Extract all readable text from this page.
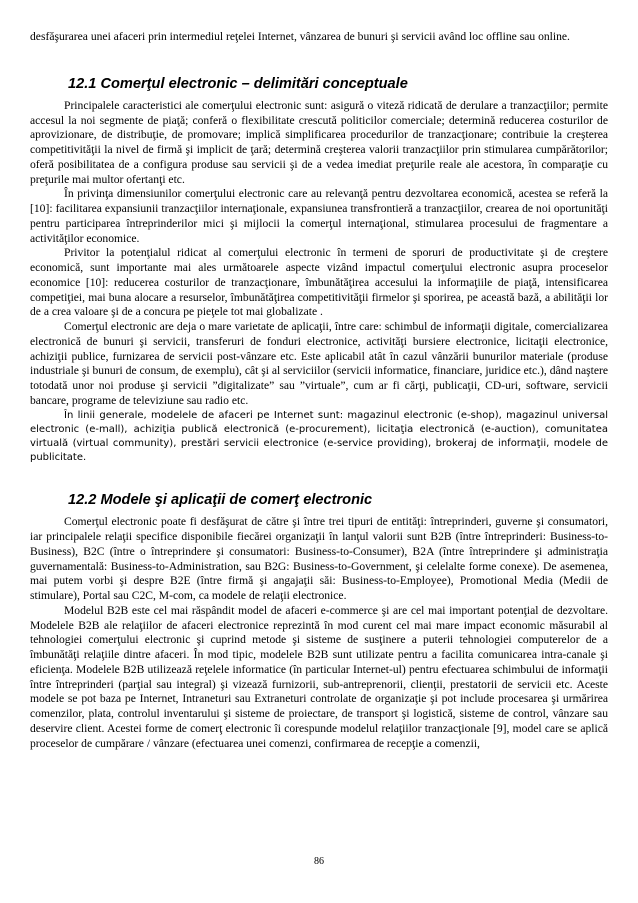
desfăşurarea unei afaceri prin intermediul reţelei Internet, vânzarea de bunuri şi servicii având loc offline sau online.

12.1 Comerţul electronic – delimitări conceptuale

Principalele caracteristici ale comerţului electronic sunt: asigură o viteză ridicată de derulare a tranzacţiilor; permite accesul la noi segmente de piaţă; conferă o flexibilitate crescută politicilor comerciale; determină reducerea costurilor de aprovizionare, de distribuţie, de promovare; implică simplificarea procedurilor de tranzacţionare; contribuie la creşterea competitivităţii la nivel de firmă şi implicit de ţară; determină creşterea valorii tranzacţiilor prin stimularea cumpărătorilor; oferă posibilitatea de a configura produse sau servicii şi de a vedea imediat preţurile reale ale acestora, în comparaţie cu preţurile mai multor ofertanţi etc.

În privinţa dimensiunilor comerţului electronic care au relevanţă pentru dezvoltarea economică, acestea se referă la [10]: facilitarea expansiunii tranzacţiilor internaţionale, expansiunea transfrontieră a tranzacţiilor, crearea de noi oportunităţi pentru participarea întreprinderilor mici şi mijlocii la comerţul internaţional, stimularea procesului de fragmentare a activităţilor economice.

Privitor la potenţialul ridicat al comerţului electronic în termeni de sporuri de productivitate şi de creştere economică, sunt importante mai ales următoarele aspecte vizând impactul comerţului electronic asupra proceselor economice [10]: reducerea costurilor de tranzacţionare, îmbunătăţirea accesului la informaţiile de piaţă, intensificarea competiţiei, mai buna alocare a resurselor, îmbunătăţirea competitivităţii firmelor şi sporirea, pe această bază, a abilităţii lor de a crea valoare şi de a concura pe pieţele tot mai globalizate .

Comerţul electronic are deja o mare varietate de aplicaţii, între care: schimbul de informaţii digitale, comercializarea electronică de bunuri şi servicii, transferuri de fonduri electronice, activităţi bursiere electronice, licitaţii electronice, achiziţii publice, furnizarea de servicii post-vânzare etc. Este aplicabil atât în cazul vânzării bunurilor materiale (produse industriale şi bunuri de consum, de exemplu), cât şi al serviciilor (servicii informatice, financiare, juridice etc.), dând naştere totodată unor noi produse şi servicii ”digitalizate” sau ”virtuale”, cum ar fi cărţi, publicaţii, CD-uri, software, servicii bancare, programe de televiziune sau radio etc.

În linii generale, modelele de afaceri pe Internet sunt: magazinul electronic (e-shop), magazinul universal electronic (e-mall), achiziţia publică electronică (e-procurement), licitaţia electronică (e-auction), comunitatea virtuală (virtual community), prestări servicii electronice (e-service providing), brokeraj de informaţii, modele de publicitate.

12.2 Modele şi aplicaţii de comerţ electronic

Comerţul electronic poate fi desfăşurat de către şi între trei tipuri de entităţi: întreprinderi, guverne şi consumatori, iar principalele relaţii specifice disponibile fiecărei organizaţii în lanţul valorii sunt B2B (între întreprinderi: Business-to-Business), B2C (între o întreprindere şi consumatori: Business-to-Consumer), B2A (între întreprindere şi administraţia guvernamentală: Business-to-Administration, sau B2G: Business-to-Government, şi celelalte forme conexe). De asemenea, mai putem vorbi şi despre B2E (între firmă şi angajaţii săi: Business-to-Employee), Promotional Media (Medii de stimulare), Portal sau C2C, M-com, ca modele de relaţii electronice.

Modelul B2B este cel mai răspândit model de afaceri e-commerce şi are cel mai important potenţial de dezvoltare. Modelele B2B ale relaţiilor de afaceri electronice reprezintă în mod curent cel mai mare impact economic măsurabil al tehnologiei comerţului electronic şi cuprind metode şi sisteme de susţinere a puterii tehnologiei computerelor de a îmbunătăţi relaţiile dintre afaceri. În mod tipic, modelele B2B sunt utilizate pentru a facilita comunicarea intra-canale şi eficienţa. Modelele B2B utilizează reţelele informatice (în particular Internet-ul) pentru efectuarea schimbului de informaţii între întreprinderi (parţial sau integral) şi vizează furnizorii, sub-antreprenorii, clienţii, prestatorii de servicii etc. Aceste modele se pot baza pe Internet, Intraneturi sau Extraneturi controlate de organizaţie şi pot include procesarea şi urmărirea comenzilor, plata, controlul inventarului şi sisteme de proiectare, de transport şi logistică, sisteme de control, vânzare sau deservire client. Acestei forme de comerţ electronic îi corespunde modelul relaţiilor tranzacţionale [9], model care se aplică proceselor de cumpărare / vânzare (efectuarea unei comenzi, confirmarea de recepţie a comenzii,

86
